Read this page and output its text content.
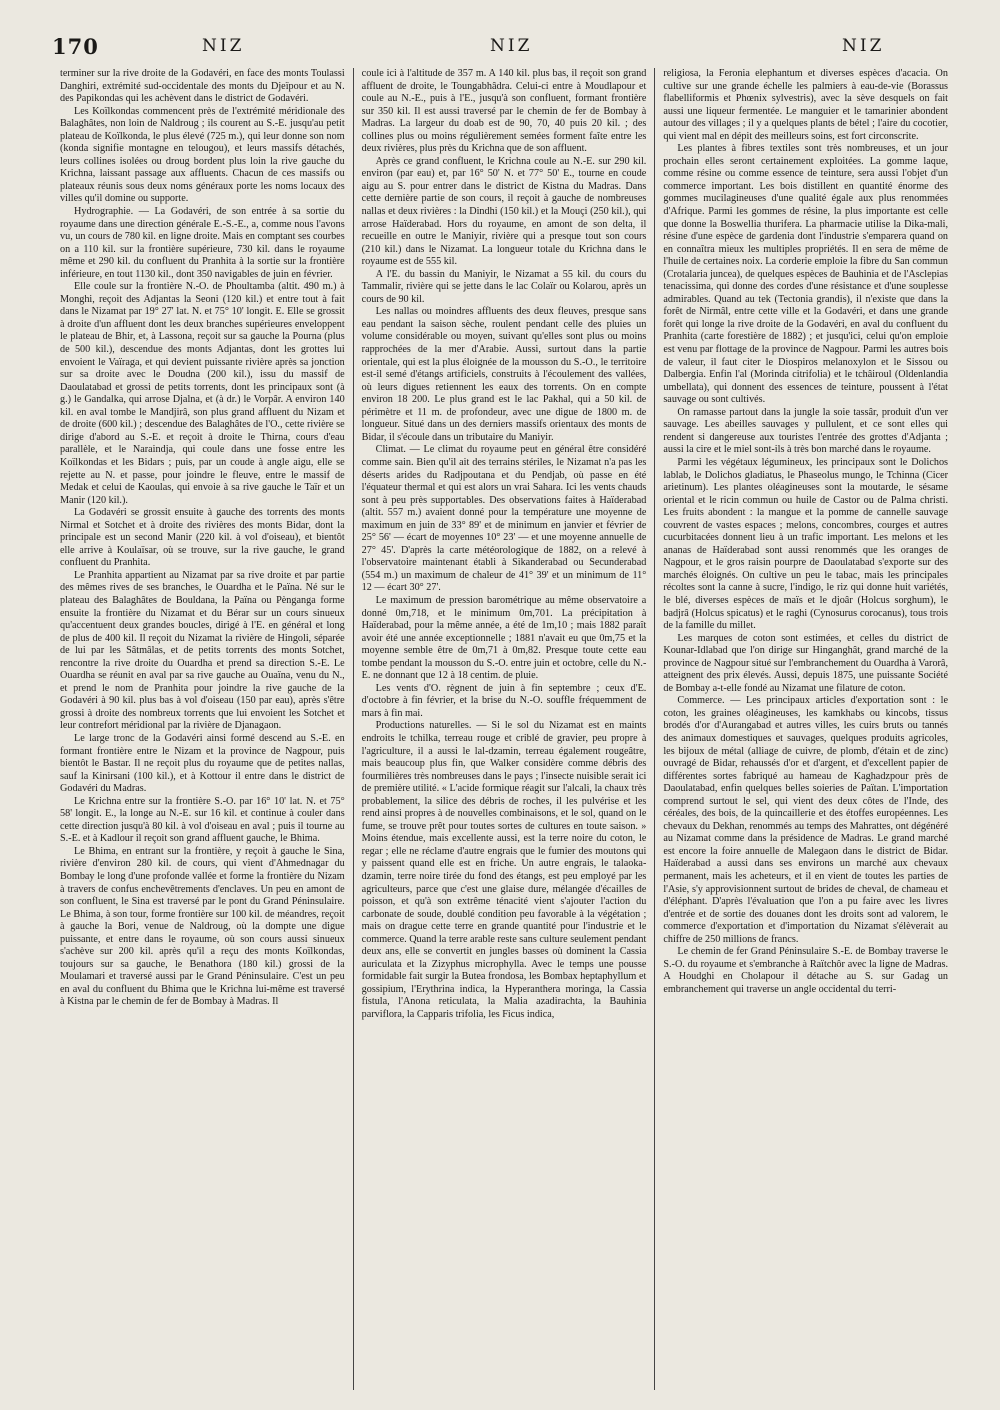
170	NIZ	NIZ	NIZ

terminer sur la rive droite de la Godavéri, en face des monts Toulassi Danghiri, extrémité sud-occidentale des monts du Djeïpour et au N. des Papikondas qui les achèvent dans le district de Godavéri.

Les Koïlkondas commencent près de l'extrémité méridionale des Balaghâtes, non loin de Naldroug ; ils courent au S.-E. jusqu'au petit plateau de Koïlkonda, le plus élevé (725 m.), qui leur donne son nom (konda signifie montagne en telougou), et leurs massifs détachés, leurs collines isolées ou droug bordent plus loin la rive gauche du Krichna, laissant passage aux affluents. Chacun de ces massifs ou plateaux réunis sous deux noms généraux porte les noms locaux des villes qu'il domine ou supporte.

Hydrographie. — La Godavéri, de son entrée à sa sortie du royaume dans une direction générale E.-S.-E., a, comme nous l'avons vu, un cours de 780 kil. en ligne droite. Mais en comptant ses courbes on a 110 kil. sur la frontière supérieure, 730 kil. dans le royaume même et 290 kil. du confluent du Pranhita à la sortie sur la frontière inférieure, en tout 1130 kil., dont 350 navigables de juin en février.

Elle coule sur la frontière N.-O. de Phoultamba (altit. 490 m.) à Monghi, reçoit des Adjantas la Seoni (120 kil.) et entre tout à fait dans le Nizamat par 19° 27' lat. N. et 75° 10' longit. E. Elle se grossit à droite d'un affluent dont les deux branches supérieures enveloppent le plateau de Bhir, et, à Lassona, reçoit sur sa gauche la Pourna (plus de 500 kil.), descendue des monts Adjantas, dont les grottes lui envoient le Vaïraga, et qui devient puissante rivière après sa jonction sur sa droite avec le Doudna (200 kil.), issu du massif de Daoulatabad et grossi de petits torrents, dont les principaux sont (à g.) le Gandalka, qui arrose Djalna, et (à dr.) le Vorpâr. A environ 140 kil. en aval tombe le Mandjirâ, son plus grand affluent du Nizam et de droite (600 kil.) ; descendue des Balaghâtes de l'O., cette rivière se dirige d'abord au S.-E. et reçoit à droite le Thirna, cours d'eau parallèle, et le Naraindja, qui coule dans une fosse entre les Koïlkondas et les Bidars ; puis, par un coude à angle aigu, elle se rejette au N. et passe, pour joindre le fleuve, entre le massif de Medak et celui de Kaoulas, qui envoie à sa rive gauche le Taïr et un Manir (120 kil.).

La Godavéri se grossit ensuite à gauche des torrents des monts Nirmal et Sotchet et à droite des rivières des monts Bidar, dont la principale est un second Manir (220 kil. à vol d'oiseau), et bientôt elle arrive à Koulaïsar, où se trouve, sur la rive gauche, le grand confluent du Pranhita.

Le Pranhita appartient au Nizamat par sa rive droite et par partie des mêmes rives de ses branches, le Ouardha et le Païna. Né sur le plateau des Balaghâtes de Bouldana, la Païna ou Pènganga forme ensuite la frontière du Nizamat et du Bérar sur un cours sinueux qu'accentuent deux grandes boucles, dirigé à l'E. en général et long de plus de 400 kil. Il reçoit du Nizamat la rivière de Hingoli, séparée de lui par les Sâtmâlas, et de petits torrents des monts Sotchet, rencontre la rive droite du Ouardha et prend sa direction S.-E. Le Ouardha se réunit en aval par sa rive gauche au Ouaïna, venu du N., et prend le nom de Pranhita pour joindre la rive gauche de la Godavéri à 90 kil. plus bas à vol d'oiseau (150 par eau), après s'être grossi à droite des nombreux torrents que lui envoient les Sotchet et leur contrefort méridional par la rivière de Djanagaon.

Le large tronc de la Godavéri ainsi formé descend au S.-E. en formant frontière entre le Nizam et la province de Nagpour, puis bientôt le Bastar. Il ne reçoit plus du royaume que de petites nallas, sauf la Kinirsani (100 kil.), et à Kottour il entre dans le district de Godavéri du Madras.

Le Krichna entre sur la frontière S.-O. par 16° 10' lat. N. et 75° 58' longit. E., la longe au N.-E. sur 16 kil. et continue à couler dans cette direction jusqu'à 80 kil. à vol d'oiseau en aval ; puis il tourne au S.-E. et à Kadlour il reçoit son grand affluent gauche, le Bhima.

Le Bhima, en entrant sur la frontière, y reçoit à gauche le Sina, rivière d'environ 280 kil. de cours, qui vient d'Ahmednagar du Bombay le long d'une profonde vallée et forme la frontière du Nizam à travers de confus enchevêtrements d'enclaves. Un peu en amont de son confluent, le Sina est traversé par le pont du Grand Péninsulaire. Le Bhima, à son tour, forme frontière sur 100 kil. de méandres, reçoit à gauche la Bori, venue de Naldroug, où la dompte une digue puissante, et entre dans le royaume, où son cours aussi sinueux s'achève sur 200 kil. après qu'il a reçu des monts Koïlkondas, toujours sur sa gauche, le Benathora (180 kil.) grossi de la Moulamari et traversé aussi par le Grand Péninsulaire. C'est un peu en aval du confluent du Bhima que le Krichna lui-même est traversé à Kistna par le chemin de fer de Bombay à Madras. Il

coule ici à l'altitude de 357 m. A 140 kil. plus bas, il reçoit son grand affluent de droite, le Toungabhâdra. Celui-ci entre à Moudlapour et coule au N.-E., puis à l'E., jusqu'à son confluent, formant frontière sur 350 kil. Il est aussi traversé par le chemin de fer de Bombay à Madras. La largeur du doab est de 90, 70, 40 puis 20 kil. ; des collines plus ou moins régulièrement semées forment faîte entre les deux rivières, plus près du Krichna que de son affluent.

Après ce grand confluent, le Krichna coule au N.-E. sur 290 kil. environ (par eau) et, par 16° 50' N. et 77° 50' E., tourne en coude aigu au S. pour entrer dans le district de Kistna du Madras. Dans cette dernière partie de son cours, il reçoit à gauche de nombreuses nallas et deux rivières : la Dindhi (150 kil.) et la Mouçi (250 kil.), qui arrose Haïderabad. Hors du royaume, en amont de son delta, il recueille en outre le Maniyir, rivière qui a presque tout son cours (210 kil.) dans le Nizamat. La longueur totale du Krichna dans le royaume est de 555 kil.

A l'E. du bassin du Maniyir, le Nizamat a 55 kil. du cours du Tammalir, rivière qui se jette dans le lac Colaïr ou Kolarou, après un cours de 90 kil.

Les nallas ou moindres affluents des deux fleuves, presque sans eau pendant la saison sèche, roulent pendant celle des pluies un volume considérable ou moyen, suivant qu'elles sont plus ou moins rapprochées de la mer d'Arabie. Aussi, surtout dans la partie orientale, qui est la plus éloignée de la mousson du S.-O., le territoire est-il semé d'étangs artificiels, construits à l'écoulement des vallées, où leurs digues retiennent les eaux des torrents. On en compte environ 18 200. Le plus grand est le lac Pakhal, qui a 50 kil. de périmètre et 11 m. de profondeur, avec une digue de 1800 m. de longueur. Situé dans un des derniers massifs orientaux des monts de Bidar, il s'écoule dans un tributaire du Maniyir.

Climat. — Le climat du royaume peut en général être considéré comme sain. Bien qu'il ait des terrains stériles, le Nizamat n'a pas les déserts arides du Radjpoutana et du Pendjab, où passe en été l'équateur thermal et qui est alors un vrai Sahara. Ici les vents chauds sont à peu près supportables. Des observations faites à Haïderabad (altit. 557 m.) avaient donné pour la température une moyenne de maximum en juin de 33° 89' et de minimum en janvier et février de 25° 56' — écart de moyennes 10° 23' — et une moyenne annuelle de 27° 45'. D'après la carte météorologique de 1882, on a relevé à l'observatoire maintenant établi à Sikanderabad ou Secunderabad (554 m.) un maximum de chaleur de 41° 39' et un minimum de 11° 12 — écart 30° 27'.

Le maximum de pression barométrique au même observatoire a donné 0m,718, et le minimum 0m,701. La précipitation à Haïderabad, pour la même année, a été de 1m,10 ; mais 1882 paraît avoir été une année exceptionnelle ; 1881 n'avait eu que 0m,75 et la moyenne semble être de 0m,71 à 0m,82. Presque toute cette eau tombe pendant la mousson du S.-O. entre juin et octobre, celle du N.-E. ne donnant que 12 à 18 centim. de pluie.

Les vents d'O. règnent de juin à fin septembre ; ceux d'E. d'octobre à fin février, et la brise du N.-O. souffle fréquemment de mars à fin mai.

Productions naturelles. — Si le sol du Nizamat est en maints endroits le tchilka, terreau rouge et criblé de gravier, peu propre à l'agriculture, il a aussi le lal-dzamin, terreau également rougeâtre, mais beaucoup plus fin, que Walker considère comme débris des fourmilières très nombreuses dans le pays ; l'insecte nuisible serait ici de première utilité. « L'acide formique réagit sur l'alcali, la chaux très probablement, la silice des débris de roches, il les pulvérise et les rend ainsi propres à de nouvelles combinaisons, et le sol, quand on le fume, se trouve prêt pour toutes sortes de cultures en toute saison. » Moins étendue, mais excellente aussi, est la terre noire du coton, le regar ; elle ne réclame d'autre engrais que le fumier des moutons qui y paissent quand elle est en friche. Un autre engrais, le talaoka-dzamin, terre noire tirée du fond des étangs, est peu employé par les agriculteurs, parce que c'est une glaise dure, mélangée d'écailles de poisson, et qu'à son extrême ténacité vient s'ajouter l'action du carbonate de soude, doublé condition peu favorable à la végétation ; mais on drague cette terre en grande quantité pour l'industrie et le commerce. Quand la terre arable reste sans culture seulement pendant deux ans, elle se convertit en jungles basses où dominent la Cassia auriculata et la Zizyphus microphylla. Avec le temps une pousse formidable fait surgir la Butea frondosa, les Bombax heptaphyllum et gossipium, l'Erythrina indica, la Hyperanthera moringa, la Cassia fistula, l'Anona reticulata, la Malia azadirachta, la Bauhinia parviflora, la Capparis trifolia, les Ficus indica,

religiosa, la Feronia elephantum et diverses espèces d'acacia. On cultive sur une grande échelle les palmiers à eau-de-vie (Borassus flabelliformis et Phœnix sylvestris), avec la sève desquels on fait aussi une liqueur fermentée. Le manguier et le tamarinier abondent autour des villages ; il y a quelques plants de bétel ; l'aire du cocotier, qui vient mal en dépit des meilleurs soins, est fort circonscrite.

Les plantes à fibres textiles sont très nombreuses, et un jour prochain elles seront certainement exploitées. La gomme laque, comme résine ou comme essence de teinture, sera aussi l'objet d'un commerce important. Les bois distillent en quantité énorme des gommes mucilagineuses d'une qualité égale aux plus renommées d'Afrique. Parmi les gommes de résine, la plus importante est celle que donne la Boswellia thurifera. La pharmacie utilise la Dika-mali, résine d'une espèce de gardenia dont l'industrie s'emparera quand on en connaîtra mieux les multiples propriétés. Il en sera de même de l'huile de certaines noix. La corderie emploie la fibre du San commun (Crotalaria juncea), de quelques espèces de Bauhinia et de l'Asclepias tenacissima, qui donne des cordes d'une résistance et d'une souplesse admirables. Quand au tek (Tectonia grandis), il n'existe que dans la forêt de Nirmâl, entre cette ville et la Godavéri, et dans une grande forêt qui longe la rive droite de la Godavéri, en aval du confluent du Pranhita (carte forestière de 1882) ; et jusqu'ici, celui qu'on emploie est venu par flottage de la province de Nagpour. Parmi les autres bois de valeur, il faut citer le Diospiros melanoxylon et le Sissou ou Dalbergia. Enfin l'al (Morinda citrifolia) et le tchâiroul (Oldenlandia umbellata), qui donnent des essences de teinture, poussent à l'état sauvage ou sont cultivés.

On ramasse partout dans la jungle la soie tassâr, produit d'un ver sauvage. Les abeilles sauvages y pullulent, et ce sont elles qui rendent si dangereuse aux touristes l'entrée des grottes d'Adjanta ; aussi la cire et le miel sont-ils à très bon marché dans le royaume.

Parmi les végétaux légumineux, les principaux sont le Dolichos lablab, le Dolichos gladiatus, le Phaseolus mungo, le Tchinna (Cicer arietinum). Les plantes oléagineuses sont la moutarde, le sésame oriental et le ricin commun ou huile de Castor ou de Palma christi. Les fruits abondent : la mangue et la pomme de cannelle sauvage couvrent de vastes espaces ; melons, concombres, courges et autres cucurbitacées donnent lieu à un trafic important. Les melons et les ananas de Haïderabad sont aussi renommés que les oranges de Nagpour, et le gros raisin pourpre de Daoulatabad s'exporte sur des marchés éloignés. On cultive un peu le tabac, mais les principales récoltes sont la canne à sucre, l'indigo, le riz qui donne huit variétés, le blé, diverses espèces de maïs et le djoâr (Holcus sorghum), le badjrâ (Holcus spicatus) et le raghi (Cynosurus corocanus), tous trois de la famille du millet.

Les marques de coton sont estimées, et celles du district de Kounar-Idlabad que l'on dirige sur Hinganghât, grand marché de la province de Nagpour situé sur l'embranchement du Ouardha à Varorâ, atteignent des prix élevés. Aussi, depuis 1875, une puissante Société de Bombay a-t-elle fondé au Nizamat une filature de coton.

Commerce. — Les principaux articles d'exportation sont : le coton, les graines oléagineuses, les kamkhabs ou kincobs, tissus brodés d'or d'Aurangabad et autres villes, les cuirs bruts ou tannés des animaux domestiques et sauvages, quelques produits agricoles, les bijoux de métal (alliage de cuivre, de plomb, d'étain et de zinc) ouvragé de Bidar, rehaussés d'or et d'argent, et d'excellent papier de différentes sortes fabriqué au hameau de Kaghadzpour près de Daoulatabad, enfin quelques belles soieries de Païtan. L'importation comprend surtout le sel, qui vient des deux côtes de l'Inde, des céréales, des bois, de la quincaillerie et des étoffes européennes. Les chevaux du Dekhan, renommés au temps des Mahrattes, ont dégénéré au Nizamat comme dans la présidence de Madras. Le grand marché est encore la foire annuelle de Malegaon dans le district de Bidar. Haïderabad a aussi dans ses environs un marché aux chevaux permanent, mais les acheteurs, et il en vient de toutes les parties de l'Asie, s'y approvisionnent surtout de brides de cheval, de chameau et d'éléphant. D'après l'évaluation que l'on a pu faire avec les livres d'entrée et de sortie des douanes dont les droits sont ad valorem, le commerce d'exportation et d'importation du Nizamat s'élèverait au chiffre de 250 millions de francs.

Le chemin de fer Grand Péninsulaire S.-E. de Bombay traverse le S.-O. du royaume et s'embranche à Raïtchôr avec la ligne de Madras. A Houdghi en Cholapour il détache au S. sur Gadag un embranchement qui traverse un angle occidental du terri-
